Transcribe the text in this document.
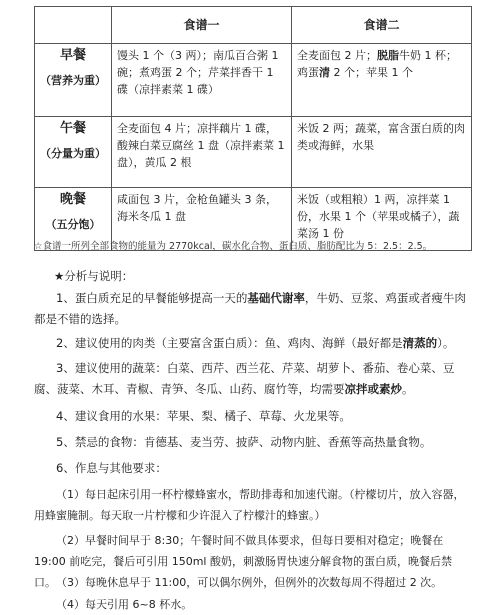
	食谱一	食谱二

早餐
（营养为重）	馒头 1 个（3 两）；南瓜百合粥 1 碗；煮鸡蛋 2 个；芹菜拌香干 1 碟（凉拌素菜 1 碟）	全麦面包 2 片；脱脂牛奶 1 杯；鸡蛋清 2 个；苹果 1 个

午餐
（分量为重）	全麦面包 4 片；凉拌藕片 1 碟，酸辣白菜豆腐丝 1 盘（凉拌素菜 1 盘），黄瓜 2 根	米饭 2 两；蔬菜，富含蛋白质的肉类或海鲜，水果

晚餐
（五分饱）	咸面包 3 片，金枪鱼罐头 3 条，海米冬瓜 1 盘	米饭（或粗粮）1 两，凉拌菜 1 份，水果 1 个（苹果或橘子），蔬菜汤 1 份
☆食谱一所列全部食物的能量为 2770kcal，碳水化合物、蛋白质、脂肪配比为 5：2.5：2.5。
★分析与说明：
1、蛋白质充足的早餐能够提高一天的基础代谢率，牛奶、豆浆、鸡蛋或者瘦牛肉都是不错的选择。
2、建议使用的肉类（主要富含蛋白质）：鱼、鸡肉、海鲜（最好都是清蒸的）。
3、建议使用的蔬菜：白菜、西芹、西兰花、芹菜、胡萝卜、番茄、卷心菜、豆腐、菠菜、木耳、青椒、青笋、冬瓜、山药、腐竹等，均需要凉拌或素炒。
4、建议食用的水果：苹果、梨、橘子、草莓、火龙果等。
5、禁忌的食物：肯德基、麦当劳、披萨、动物内脏、香蕉等高热量食物。
6、作息与其他要求：
（1）每日起床引用一杯柠檬蜂蜜水，帮助排毒和加速代谢。（柠檬切片，放入容器，用蜂蜜腌制。每天取一片柠檬和少许混入了柠檬汁的蜂蜜。）
（2）早餐时间早于 8:30；午餐时间不做具体要求，但每日要相对稳定；晚餐在 19:00 前吃完，餐后可引用 150ml 酸奶，刺激肠胃快速分解食物的蛋白质，晚餐后禁口。 （3）每晚休息早于 11:00，可以偶尔例外，但例外的次数每周不得超过 2 次。
（4）每天引用 6~8 杯水。
